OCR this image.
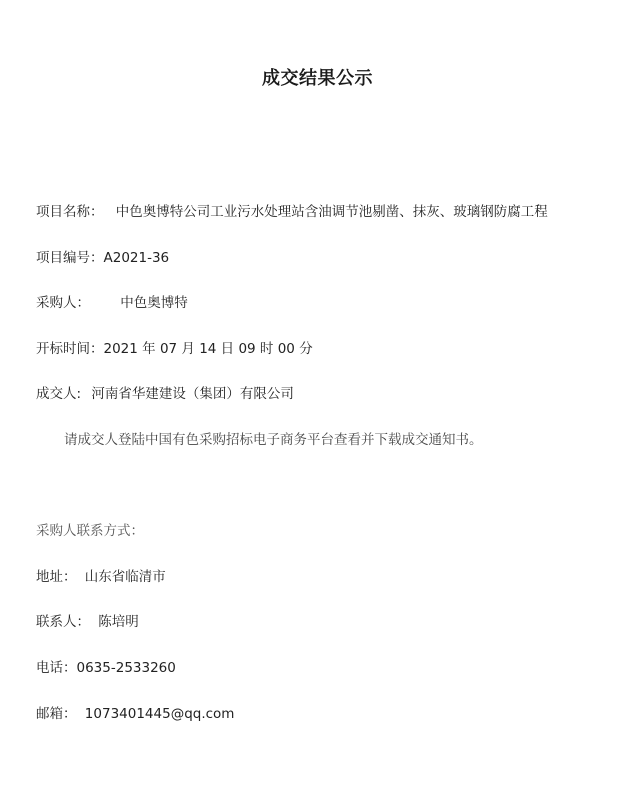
成交结果公示
项目名称： 中色奥博特公司工业污水处理站含油调节池剔凿、抹灰、玻璃钢防腐工程
项目编号：A2021-36
采购人： 中色奥博特
开标时间：2021 年 07 月 14 日 09 时 00 分
成交人: 河南省华建建设（集团）有限公司
请成交人登陆中国有色采购招标电子商务平台查看并下载成交通知书。
采购人联系方式：
地址： 山东省临清市
联系人： 陈培明
电话：0635-2533260
邮箱： 1073401445@qq.com
